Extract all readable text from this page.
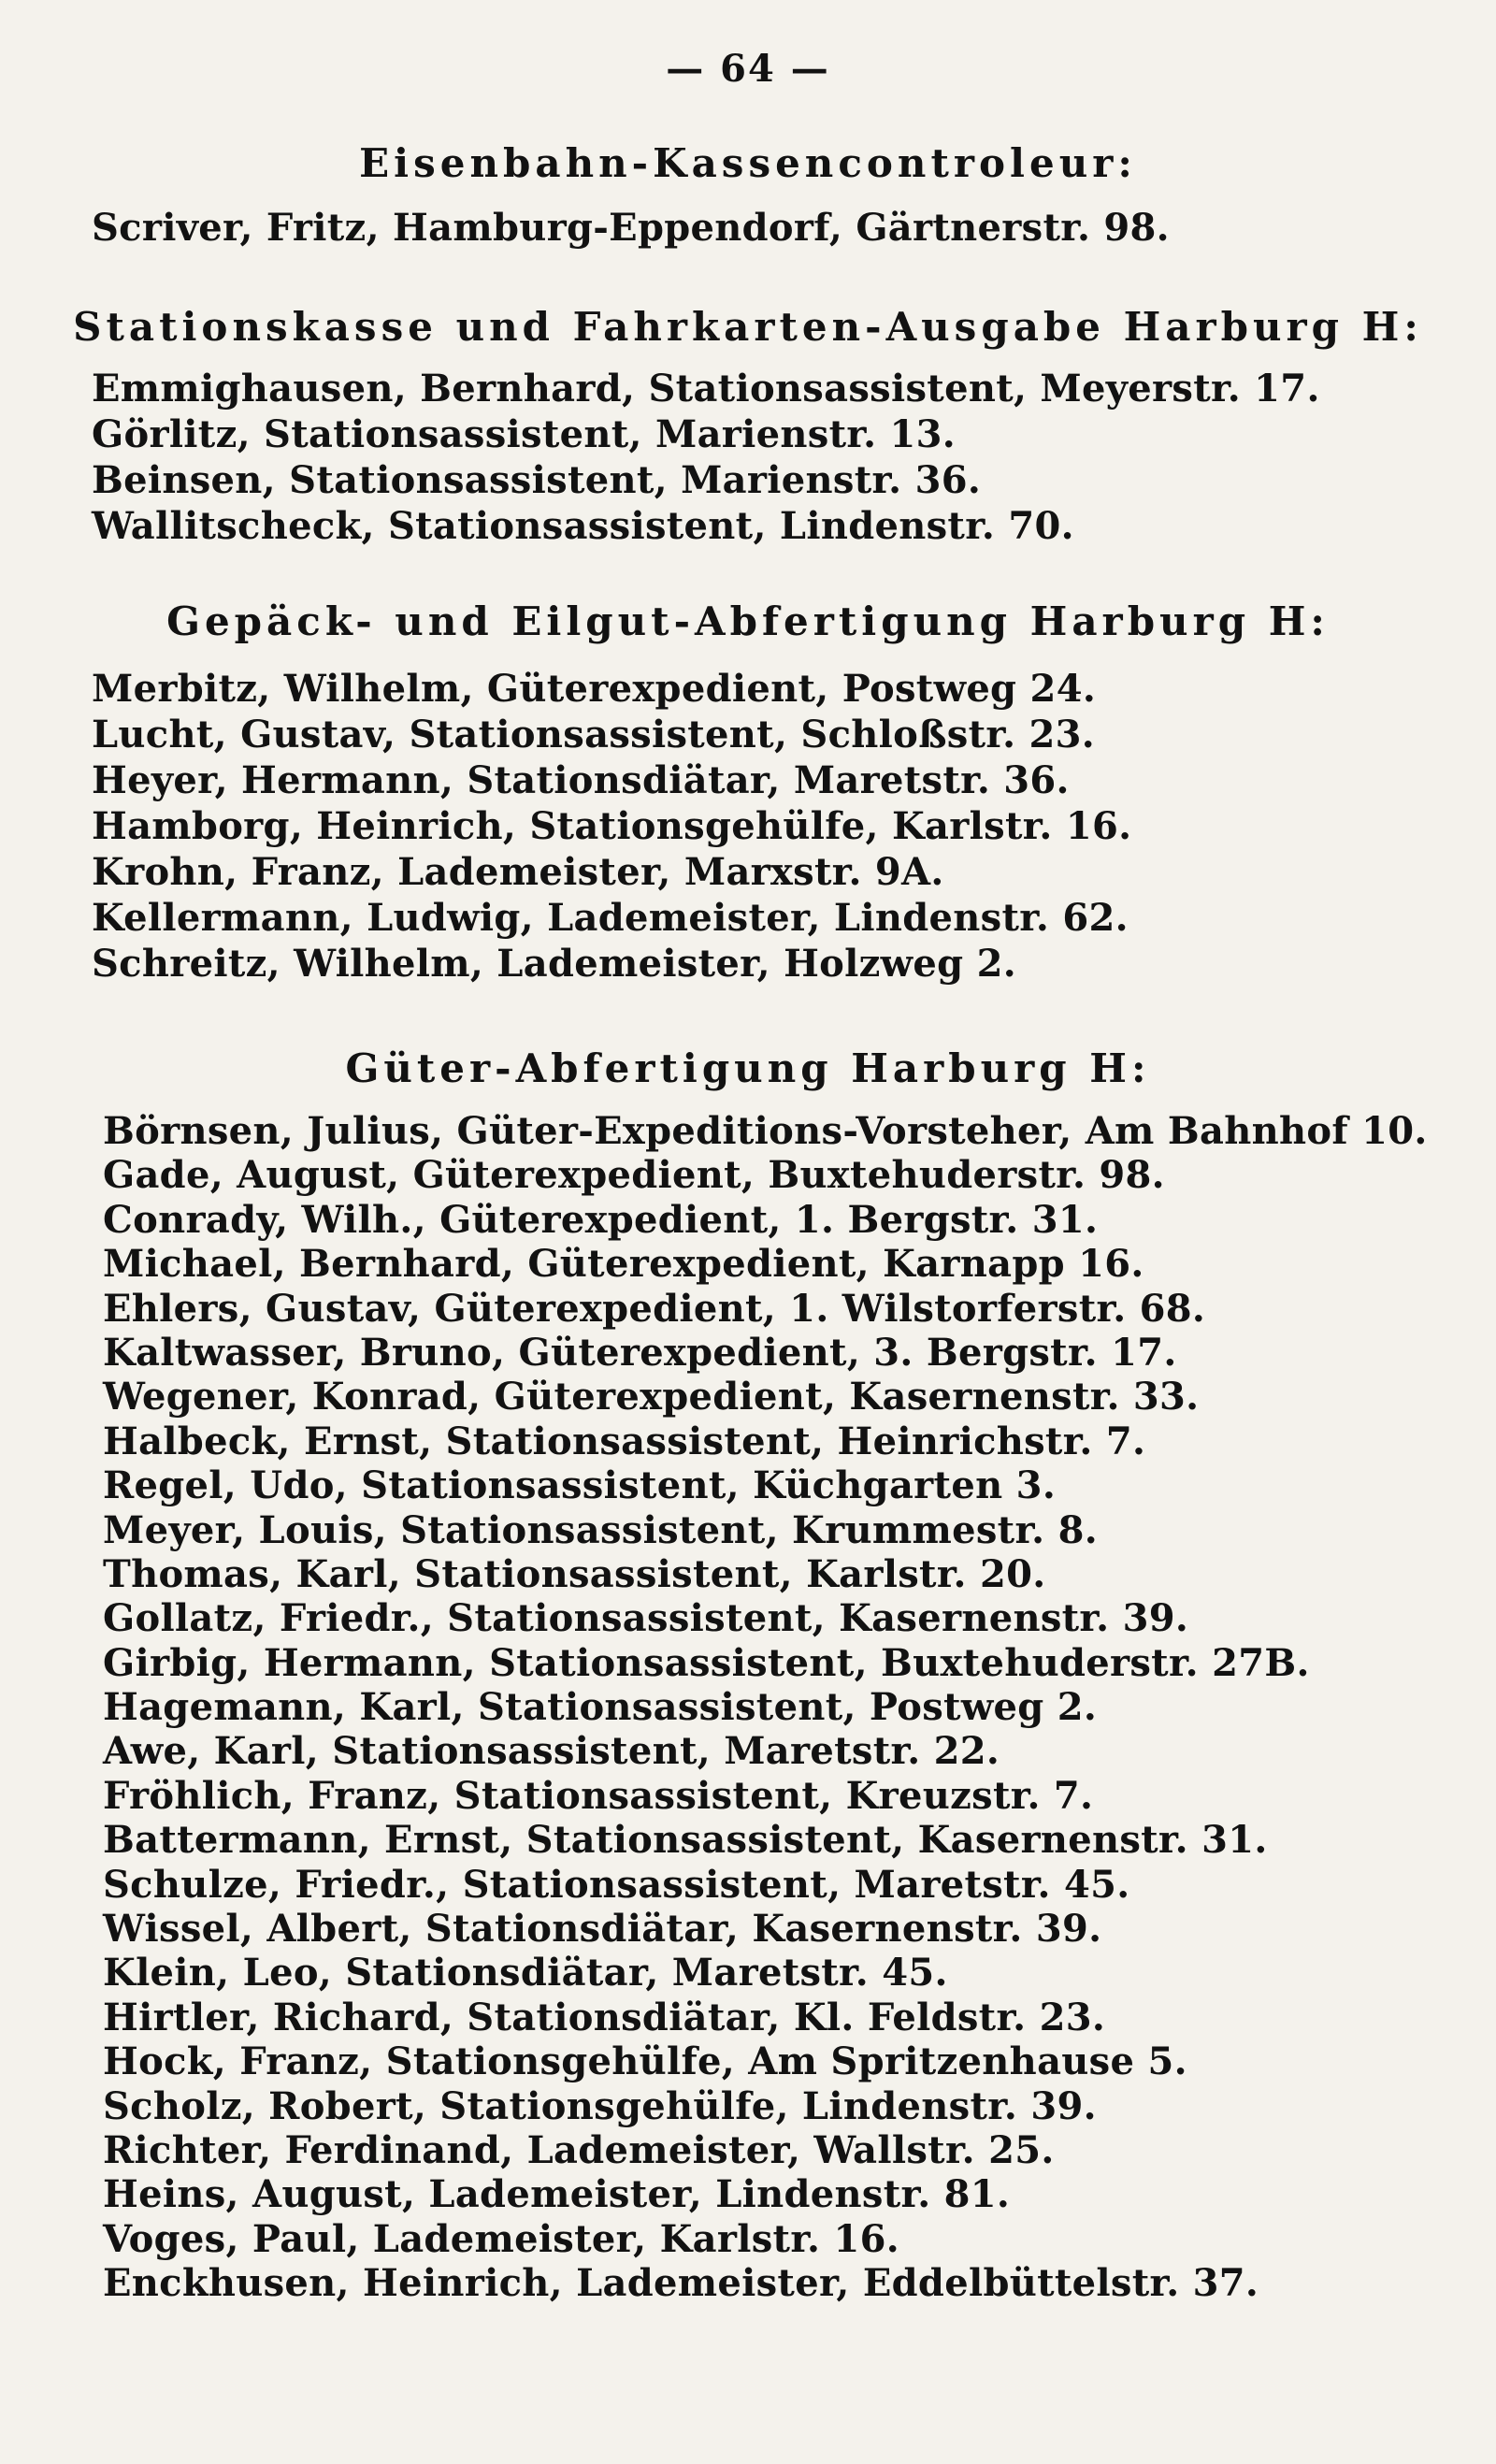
— 64 —
Eisenbahn-Kassencontroleur:
Scriver, Fritz, Hamburg-Eppendorf, Gärtnerstr. 98.
Stationskasse und Fahrkarten-Ausgabe Harburg H:
Emmighausen, Bernhard, Stationsassistent, Meyerstr. 17.
Görlitz, Stationsassistent, Marienstr. 13.
Beinsen, Stationsassistent, Marienstr. 36.
Wallitscheck, Stationsassistent, Lindenstr. 70.
Gepäck- und Eilgut-Abfertigung Harburg H:
Merbitz, Wilhelm, Güterexpedient, Postweg 24.
Lucht, Gustav, Stationsassistent, Schloßstr. 23.
Heyer, Hermann, Stationsdiätar, Maretstr. 36.
Hamborg, Heinrich, Stationsgehülfe, Karlstr. 16.
Krohn, Franz, Lademeister, Marxstr. 9A.
Kellermann, Ludwig, Lademeister, Lindenstr. 62.
Schreitz, Wilhelm, Lademeister, Holzweg 2.
Güter-Abfertigung Harburg H:
Börnsen, Julius, Güter-Expeditions-Vorsteher, Am Bahnhof 10.
Gade, August, Güterexpedient, Buxtehuderstr. 98.
Conrady, Wilh., Güterexpedient, 1. Bergstr. 31.
Michael, Bernhard, Güterexpedient, Karnapp 16.
Ehlers, Gustav, Güterexpedient, 1. Wilstorferstr. 68.
Kaltwasser, Bruno, Güterexpedient, 3. Bergstr. 17.
Wegener, Konrad, Güterexpedient, Kasernenstr. 33.
Halbeck, Ernst, Stationsassistent, Heinrichstr. 7.
Regel, Udo, Stationsassistent, Küchgarten 3.
Meyer, Louis, Stationsassistent, Krummestr. 8.
Thomas, Karl, Stationsassistent, Karlstr. 20.
Gollatz, Friedr., Stationsassistent, Kasernenstr. 39.
Girbig, Hermann, Stationsassistent, Buxtehuderstr. 27B.
Hagemann, Karl, Stationsassistent, Postweg 2.
Awe, Karl, Stationsassistent, Maretstr. 22.
Fröhlich, Franz, Stationsassistent, Kreuzstr. 7.
Battermann, Ernst, Stationsassistent, Kasernenstr. 31.
Schulze, Friedr., Stationsassistent, Maretstr. 45.
Wissel, Albert, Stationsdiätar, Kasernenstr. 39.
Klein, Leo, Stationsdiätar, Maretstr. 45.
Hirtler, Richard, Stationsdiätar, Kl. Feldstr. 23.
Hock, Franz, Stationsgehülfe, Am Spritzenhause 5.
Scholz, Robert, Stationsgehülfe, Lindenstr. 39.
Richter, Ferdinand, Lademeister, Wallstr. 25.
Heins, August, Lademeister, Lindenstr. 81.
Voges, Paul, Lademeister, Karlstr. 16.
Enckhusen, Heinrich, Lademeister, Eddelbüttelstr. 37.
